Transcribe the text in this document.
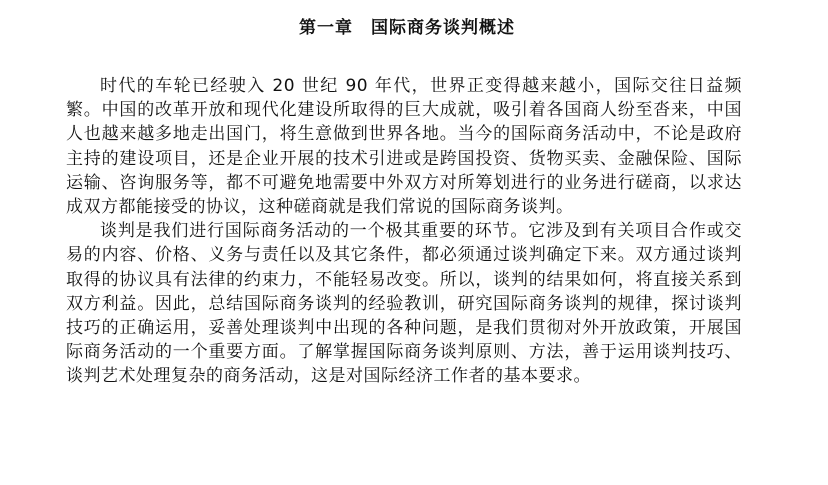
第一章　国际商务谈判概述

时代的车轮已经驶入 20 世纪 90 年代，世界正变得越来越小，国际交往日益频繁。中国的改革开放和现代化建设所取得的巨大成就，吸引着各国商人纷至沓来，中国人也越来越多地走出国门，将生意做到世界各地。当今的国际商务活动中，不论是政府主持的建设项目，还是企业开展的技术引进或是跨国投资、货物买卖、金融保险、国际运输、咨询服务等，都不可避免地需要中外双方对所筹划进行的业务进行磋商，以求达成双方都能接受的协议，这种磋商就是我们常说的国际商务谈判。

谈判是我们进行国际商务活动的一个极其重要的环节。它涉及到有关项目合作或交易的内容、价格、义务与责任以及其它条件，都必须通过谈判确定下来。双方通过谈判取得的协议具有法律的约束力，不能轻易改变。所以，谈判的结果如何，将直接关系到双方利益。因此，总结国际商务谈判的经验教训，研究国际商务谈判的规律，探讨谈判技巧的正确运用，妥善处理谈判中出现的各种问题，是我们贯彻对外开放政策，开展国际商务活动的一个重要方面。了解掌握国际商务谈判原则、方法，善于运用谈判技巧、谈判艺术处理复杂的商务活动，这是对国际经济工作者的基本要求。
